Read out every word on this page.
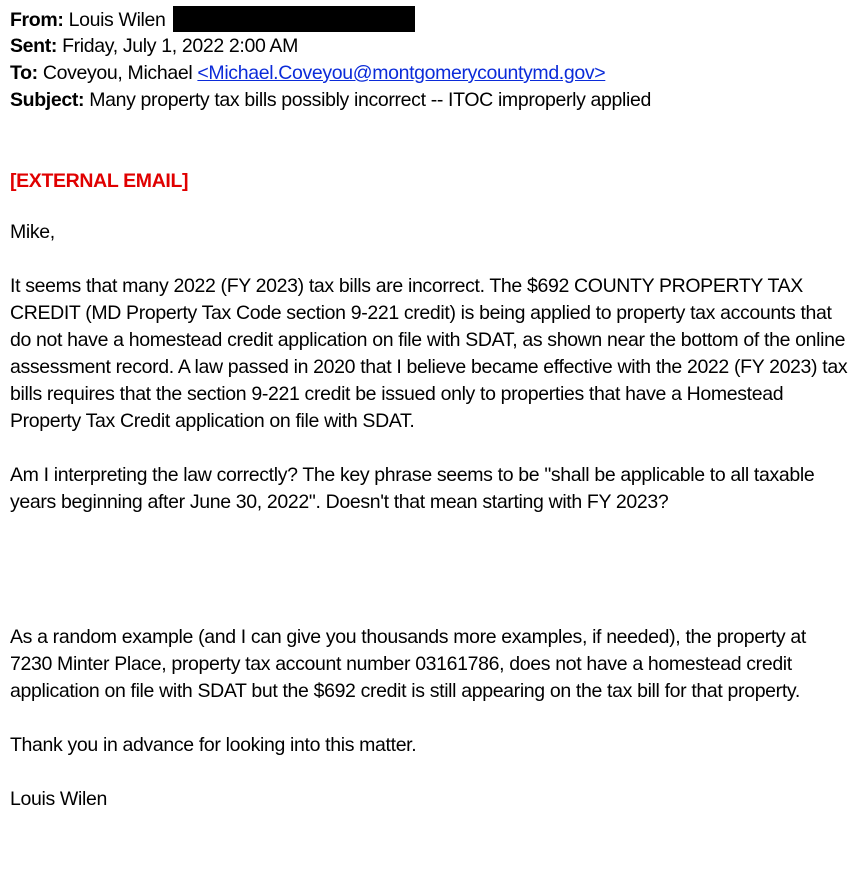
From: Louis Wilen
Sent: Friday, July 1, 2022 2:00 AM
To: Coveyou, Michael <Michael.Coveyou@montgomerycountymd.gov>
Subject: Many property tax bills possibly incorrect -- ITOC improperly applied
[EXTERNAL EMAIL]
Mike,

It seems that many 2022 (FY 2023) tax bills are incorrect. The $692 COUNTY PROPERTY TAX CREDIT (MD Property Tax Code section 9-221 credit) is being applied to property tax accounts that do not have a homestead credit application on file with SDAT, as shown near the bottom of the online assessment record. A law passed in 2020 that I believe became effective with the 2022 (FY 2023) tax bills requires that the section 9-221 credit be issued only to properties that have a Homestead Property Tax Credit application on file with SDAT.

Am I interpreting the law correctly? The key phrase seems to be "shall be applicable to all taxable years beginning after June 30, 2022". Doesn't that mean starting with FY 2023?

As a random example (and I can give you thousands more examples, if needed), the property at 7230 Minter Place, property tax account number 03161786, does not have a homestead credit application on file with SDAT but the $692 credit is still appearing on the tax bill for that property.

Thank you in advance for looking into this matter.

Louis Wilen
